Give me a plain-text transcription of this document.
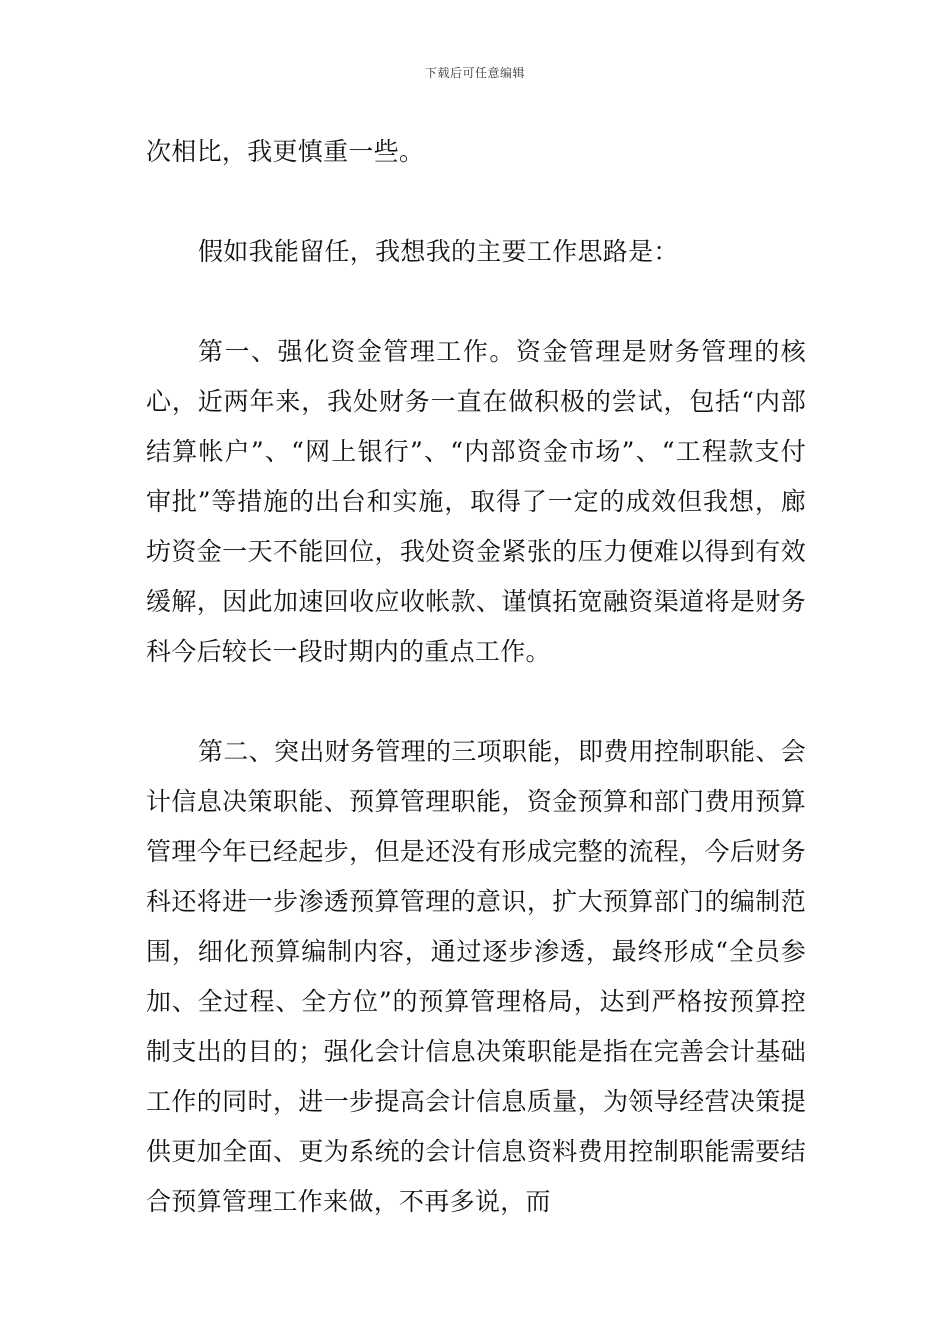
下载后可任意编辑

次相比，我更慎重一些。

假如我能留任，我想我的主要工作思路是：

第一、强化资金管理工作。资金管理是财务管理的核心，近两年来，我处财务一直在做积极的尝试，包括“内部结算帐户”、“网上银行”、“内部资金市场”、“工程款支付审批”等措施的出台和实施，取得了一定的成效但我想，廊坊资金一天不能回位，我处资金紧张的压力便难以得到有效缓解，因此加速回收应收帐款、谨慎拓宽融资渠道将是财务科今后较长一段时期内的重点工作。

第二、突出财务管理的三项职能，即费用控制职能、会计信息决策职能、预算管理职能，资金预算和部门费用预算管理今年已经起步，但是还没有形成完整的流程，今后财务科还将进一步渗透预算管理的意识，扩大预算部门的编制范围，细化预算编制内容，通过逐步渗透，最终形成“全员参加、全过程、全方位”的预算管理格局，达到严格按预算控制支出的目的；强化会计信息决策职能是指在完善会计基础工作的同时，进一步提高会计信息质量，为领导经营决策提供更加全面、更为系统的会计信息资料费用控制职能需要结合预算管理工作来做，不再多说，而
